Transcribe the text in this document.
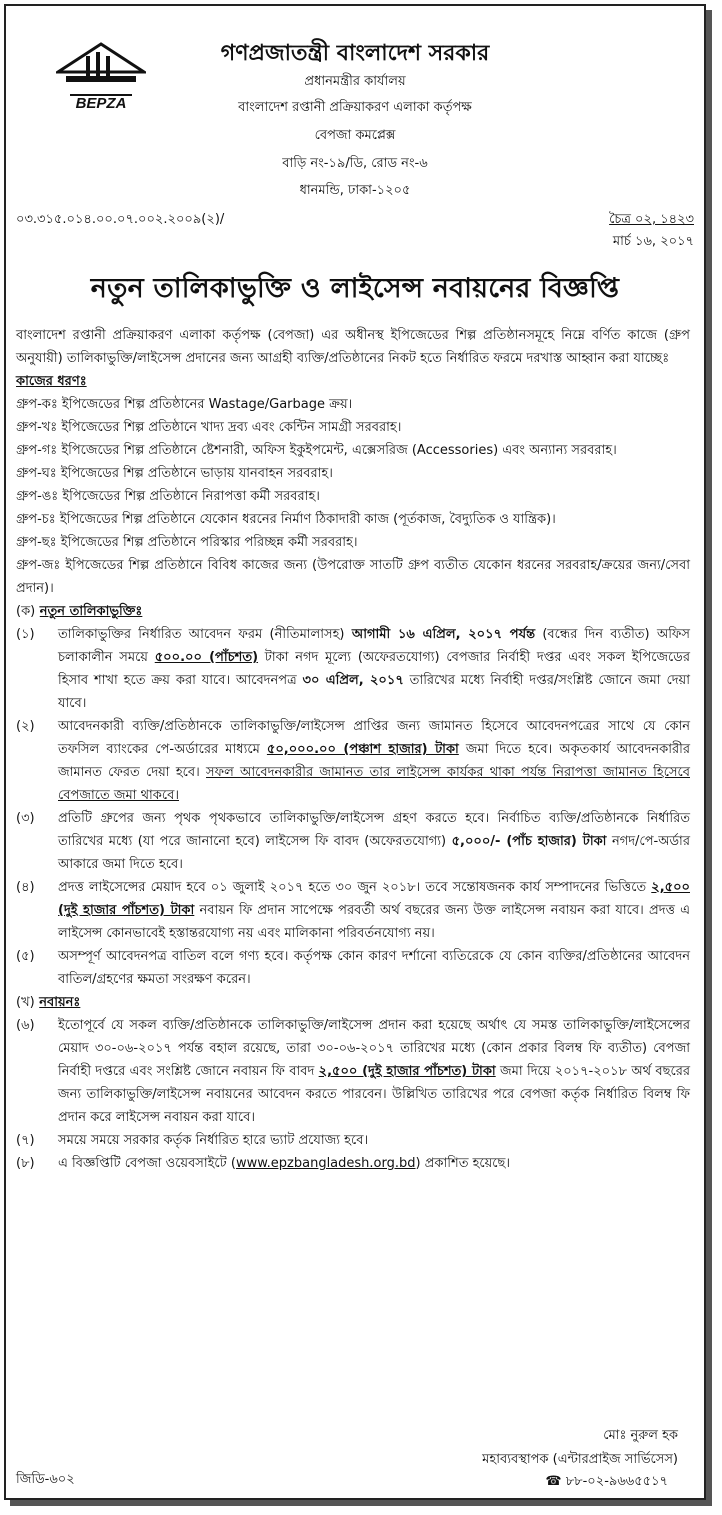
BEPZA
গণপ্রজাতন্ত্রী বাংলাদেশ সরকার
প্রধানমন্ত্রীর কার্যালয়
বাংলাদেশ রপ্তানী প্রক্রিয়াকরণ এলাকা কর্তৃপক্ষ
বেপজা কমপ্লেক্স
বাড়ি নং-১৯/ডি, রোড নং-৬
ধানমন্ডি, ঢাকা-১২০৫
০৩.৩১৫.০১৪.০০.০৭.০০২.২০০৯(২)/	চৈত্র ০২, ১৪২৩
মার্চ ১৬, ২০১৭
নতুন তালিকাভুক্তি ও লাইসেন্স নবায়নের বিজ্ঞপ্তি

বাংলাদেশ রপ্তানী প্রক্রিয়াকরণ এলাকা কর্তৃপক্ষ (বেপজা) এর অধীনস্থ ইপিজেডের শিল্প প্রতিষ্ঠানসমূহে নিম্নে বর্ণিত কাজে (গ্রুপ অনুযায়ী) তালিকাভুক্তি/লাইসেন্স প্রদানের জন্য আগ্রহী ব্যক্তি/প্রতিষ্ঠানের নিকট হতে নির্ধারিত ফরমে দরখাস্ত আহ্বান করা যাচ্ছেঃ

কাজের ধরণঃ

গ্রুপ-কঃ ইপিজেডের শিল্প প্রতিষ্ঠানের Wastage/Garbage ক্রয়।

গ্রুপ-খঃ ইপিজেডের শিল্প প্রতিষ্ঠানে খাদ্য দ্রব্য এবং কেন্টিন সামগ্রী সরবরাহ।

গ্রুপ-গঃ ইপিজেডের শিল্প প্রতিষ্ঠানে ষ্টেশনারী, অফিস ইকুইপমেন্ট, এক্সেসরিজ (Accessories) এবং অন্যান্য সরবরাহ।

গ্রুপ-ঘঃ ইপিজেডের শিল্প প্রতিষ্ঠানে ভাড়ায় যানবাহন সরবরাহ।

গ্রুপ-ঙঃ ইপিজেডের শিল্প প্রতিষ্ঠানে নিরাপত্তা কর্মী সরবরাহ।

গ্রুপ-চঃ ইপিজেডের শিল্প প্রতিষ্ঠানে যেকোন ধরনের নির্মাণ ঠিকাদারী কাজ (পূর্তকাজ, বৈদ্যুতিক ও যান্ত্রিক)।

গ্রুপ-ছঃ ইপিজেডের শিল্প প্রতিষ্ঠানে পরিস্কার পরিচ্ছন্ন কর্মী সরবরাহ।

গ্রুপ-জঃ ইপিজেডের শিল্প প্রতিষ্ঠানে বিবিধ কাজের জন্য (উপরোক্ত সাতটি গ্রুপ ব্যতীত যেকোন ধরনের সরবরাহ/ক্রয়ের জন্য/সেবা প্রদান)।

(ক) নতুন তালিকাভুক্তিঃ

(১)	তালিকাভুক্তির নির্ধারিত আবেদন ফরম (নীতিমালাসহ) আগামী ১৬ এপ্রিল, ২০১৭ পর্যন্ত (বন্ধের দিন ব্যতীত) অফিস চলাকালীন সময়ে ৫০০.০০ (পাঁচশত) টাকা নগদ মূল্যে (অফেরতযোগ্য) বেপজার নির্বাহী দপ্তর এবং সকল ইপিজেডের হিসাব শাখা হতে ক্রয় করা যাবে। আবেদনপত্র ৩০ এপ্রিল, ২০১৭ তারিখের মধ্যে নির্বাহী দপ্তর/সংশ্লিষ্ট জোনে জমা দেয়া যাবে।
(২)	আবেদনকারী ব্যক্তি/প্রতিষ্ঠানকে তালিকাভুক্তি/লাইসেন্স প্রাপ্তির জন্য জামানত হিসেবে আবেদনপত্রের সাথে যে কোন তফসিল ব্যাংকের পে-অর্ডারের মাধ্যমে ৫০,০০০.০০ (পঞ্চাশ হাজার) টাকা জমা দিতে হবে। অকৃতকার্য আবেদনকারীর জামানত ফেরত দেয়া হবে। সফল আবেদনকারীর জামানত তার লাইসেন্স কার্যকর থাকা পর্যন্ত নিরাপত্তা জামানত হিসেবে বেপজাতে জমা থাকবে।
(৩)	প্রতিটি গ্রুপের জন্য পৃথক পৃথকভাবে তালিকাভুক্তি/লাইসেন্স গ্রহণ করতে হবে। নির্বাচিত ব্যক্তি/প্রতিষ্ঠানকে নির্ধারিত তারিখের মধ্যে (যা পরে জানানো হবে) লাইসেন্স ফি বাবদ (অফেরতযোগ্য) ৫,০০০/- (পাঁচ হাজার) টাকা নগদ/পে-অর্ডার আকারে জমা দিতে হবে।
(৪)	প্রদত্ত লাইসেন্সের মেয়াদ হবে ০১ জুলাই ২০১৭ হতে ৩০ জুন ২০১৮। তবে সন্তোষজনক কার্য সম্পাদনের ভিত্তিতে ২,৫০০ (দুই হাজার পাঁচশত) টাকা নবায়ন ফি প্রদান সাপেক্ষে পরবর্তী অর্থ বছরের জন্য উক্ত লাইসেন্স নবায়ন করা যাবে। প্রদত্ত এ লাইসেন্স কোনভাবেই হস্তান্তরযোগ্য নয় এবং মালিকানা পরিবর্তনযোগ্য নয়।
(৫)	অসম্পূর্ণ আবেদনপত্র বাতিল বলে গণ্য হবে। কর্তৃপক্ষ কোন কারণ দর্শানো ব্যতিরেকে যে কোন ব্যক্তির/প্রতিষ্ঠানের আবেদন বাতিল/গ্রহণের ক্ষমতা সংরক্ষণ করেন।

(খ) নবায়নঃ

(৬)	ইতোপূর্বে যে সকল ব্যক্তি/প্রতিষ্ঠানকে তালিকাভুক্তি/লাইসেন্স প্রদান করা হয়েছে অর্থাৎ যে সমস্ত তালিকাভুক্তি/লাইসেন্সের মেয়াদ ৩০-০৬-২০১৭ পর্যন্ত বহাল রয়েছে, তারা ৩০-০৬-২০১৭ তারিখের মধ্যে (কোন প্রকার বিলম্ব ফি ব্যতীত) বেপজা নির্বাহী দপ্তরে এবং সংশ্লিষ্ট জোনে নবায়ন ফি বাবদ ২,৫০০ (দুই হাজার পাঁচশত) টাকা জমা দিয়ে ২০১৭-২০১৮ অর্থ বছরের জন্য তালিকাভুক্তি/লাইসেন্স নবায়নের আবেদন করতে পারবেন। উল্লিখিত তারিখের পরে বেপজা কর্তৃক নির্ধারিত বিলম্ব ফি প্রদান করে লাইসেন্স নবায়ন করা যাবে।
(৭)	সময়ে সময়ে সরকার কর্তৃক নির্ধারিত হারে ভ্যাট প্রযোজ্য হবে।
(৮)	এ বিজ্ঞপ্তিটি বেপজা ওয়েবসাইটে (www.epzbangladesh.org.bd) প্রকাশিত হয়েছে।
মোঃ নুরুল হক
মহাব্যবস্থাপক (এন্টারপ্রাইজ সার্ভিসেস)
জিডি-৬০২	☎ ৮৮-০২-৯৬৬৫৫১৭
